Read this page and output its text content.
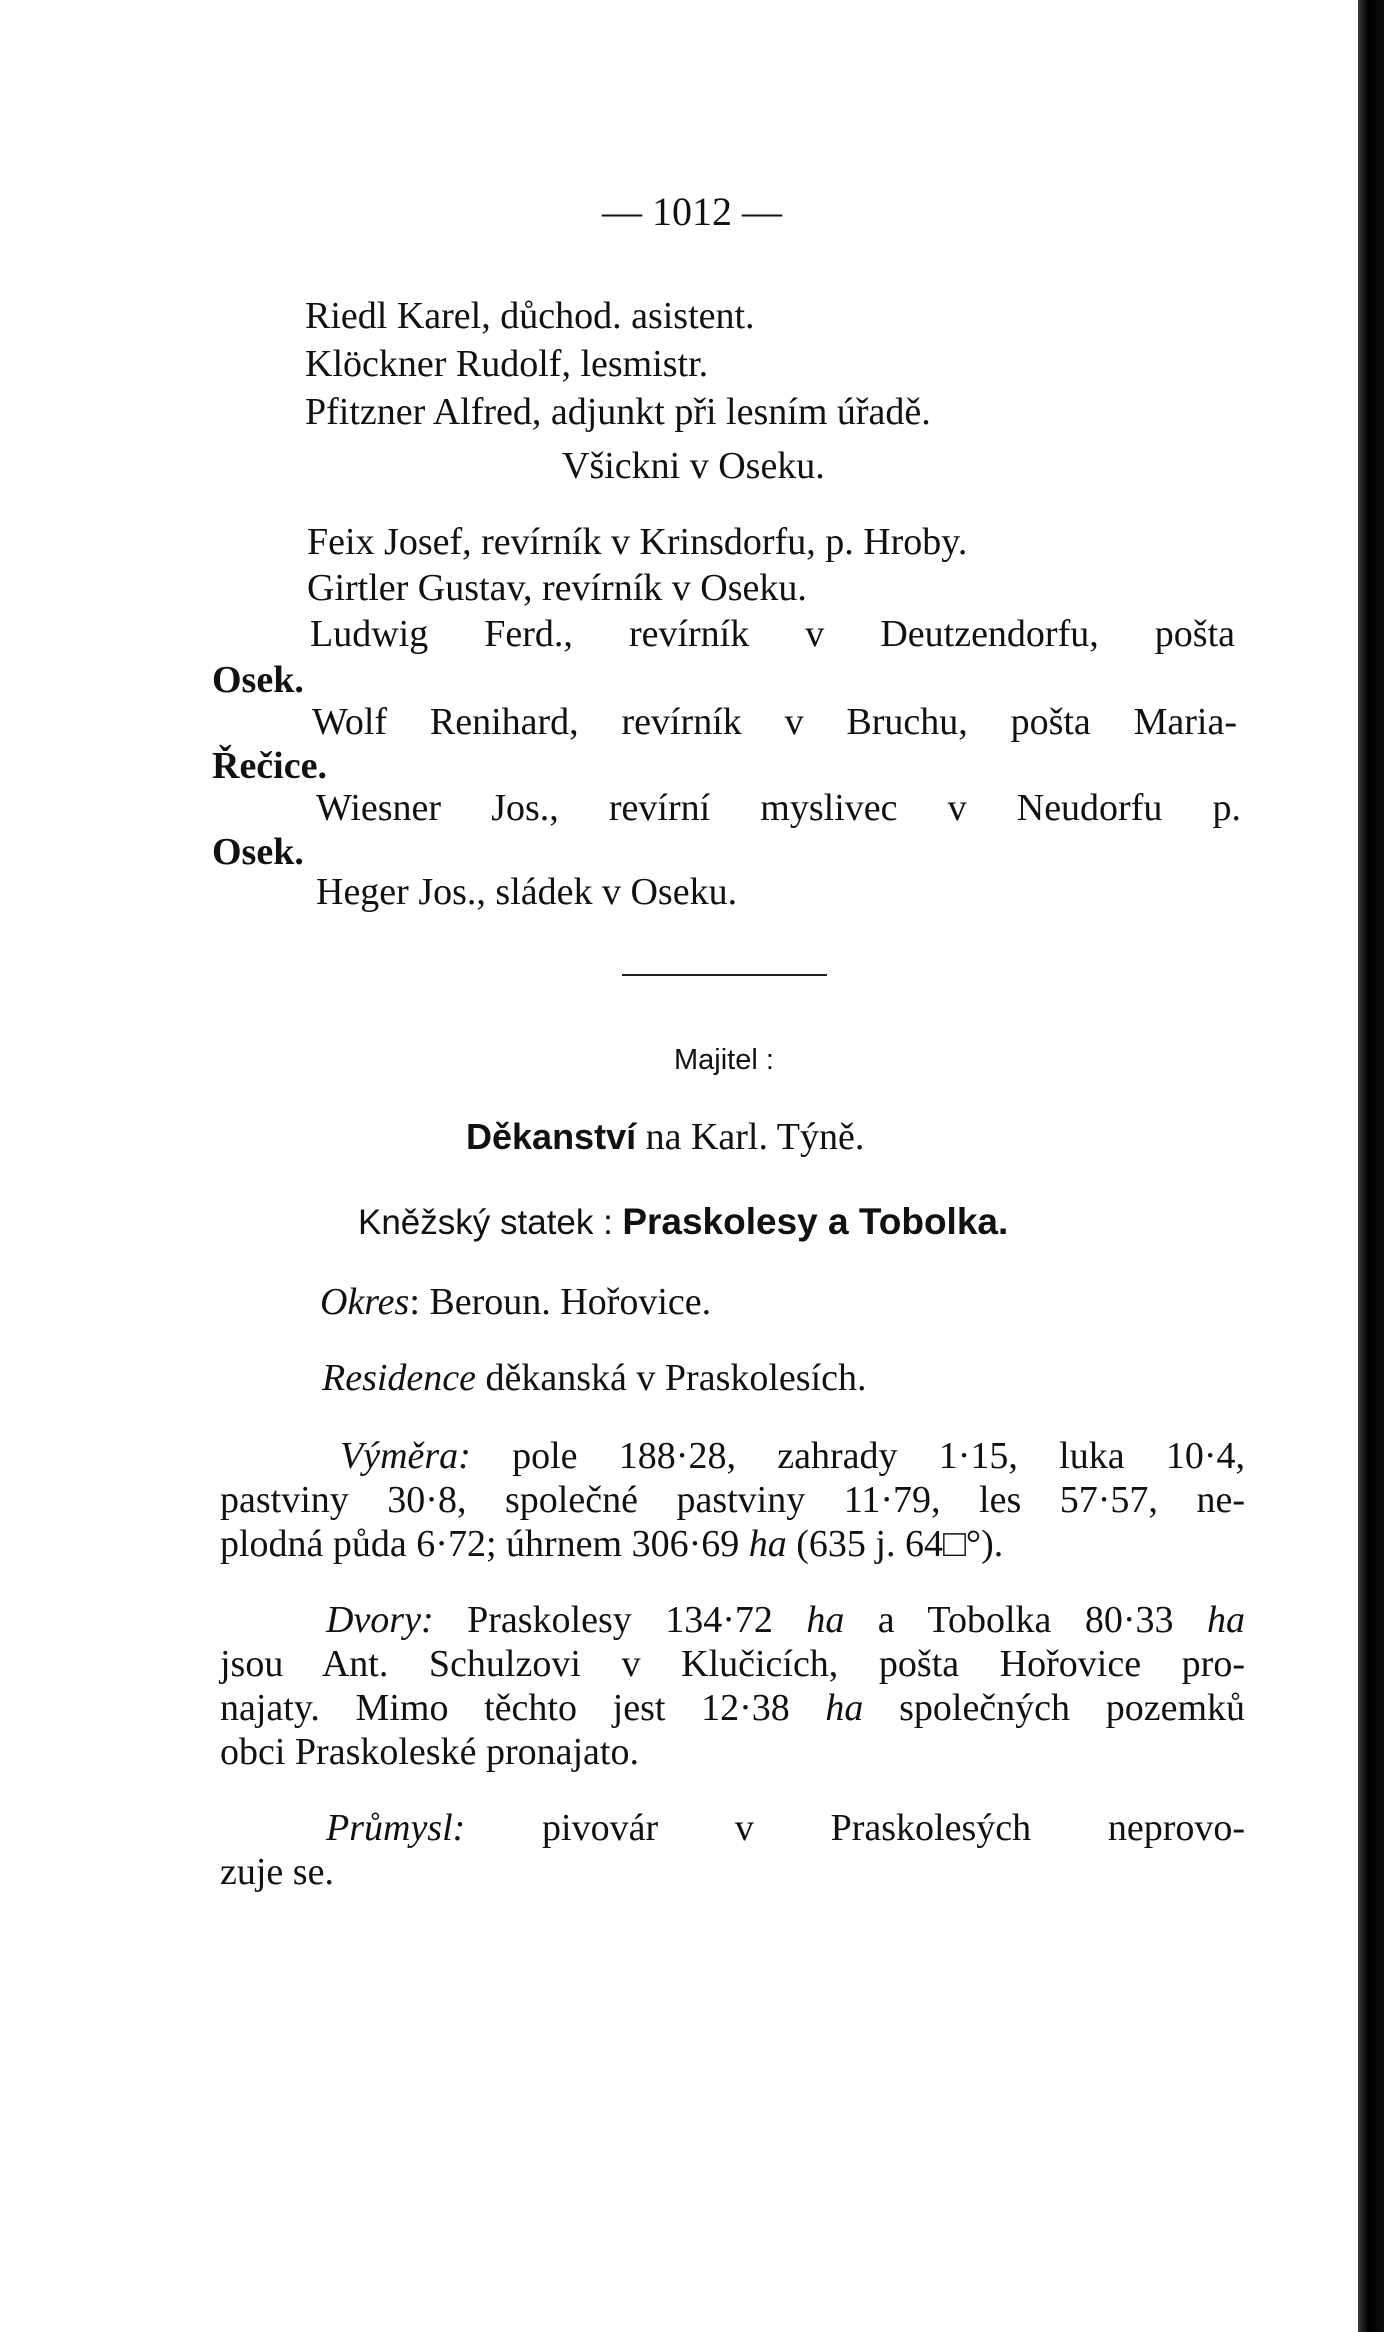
— 1012 —
Riedl Karel, důchod. asistent.
Klöckner Rudolf, lesmistr.
Pfitzner Alfred, adjunkt při lesním úřadě.
Všickni v Oseku.
Feix Josef, revírník v Krinsdorfu, p. Hroby.
Girtler Gustav, revírník v Oseku.
Ludwig Ferd., revírník v Deutzendorfu, pošta
Osek.
Wolf Renihard, revírník v Bruchu, pošta Maria-
Řečice.
Wiesner Jos., revírní myslivec v Neudorfu p.
Osek.
Heger Jos., sládek v Oseku.
Majitel :
Děkanství na Karl. Týně.
Kněžský statek : Praskolesy a Tobolka.
Okres: Beroun. Hořovice.
Residence děkanská v Praskolesích.
Výměra: pole 188·28, zahrady 1·15, luka 10·4,
pastviny 30·8, společné pastviny 11·79, les 57·57, ne-
plodná půda 6·72; úhrnem 306·69 ha (635 j. 64□°).
Dvory: Praskolesy 134·72 ha a Tobolka 80·33 ha
jsou Ant. Schulzovi v Klučicích, pošta Hořovice pro-
najaty. Mimo těchto jest 12·38 ha společných pozemků
obci Praskoleské pronajato.
Průmysl: pivovár v Praskolesých neprovo-
zuje se.
